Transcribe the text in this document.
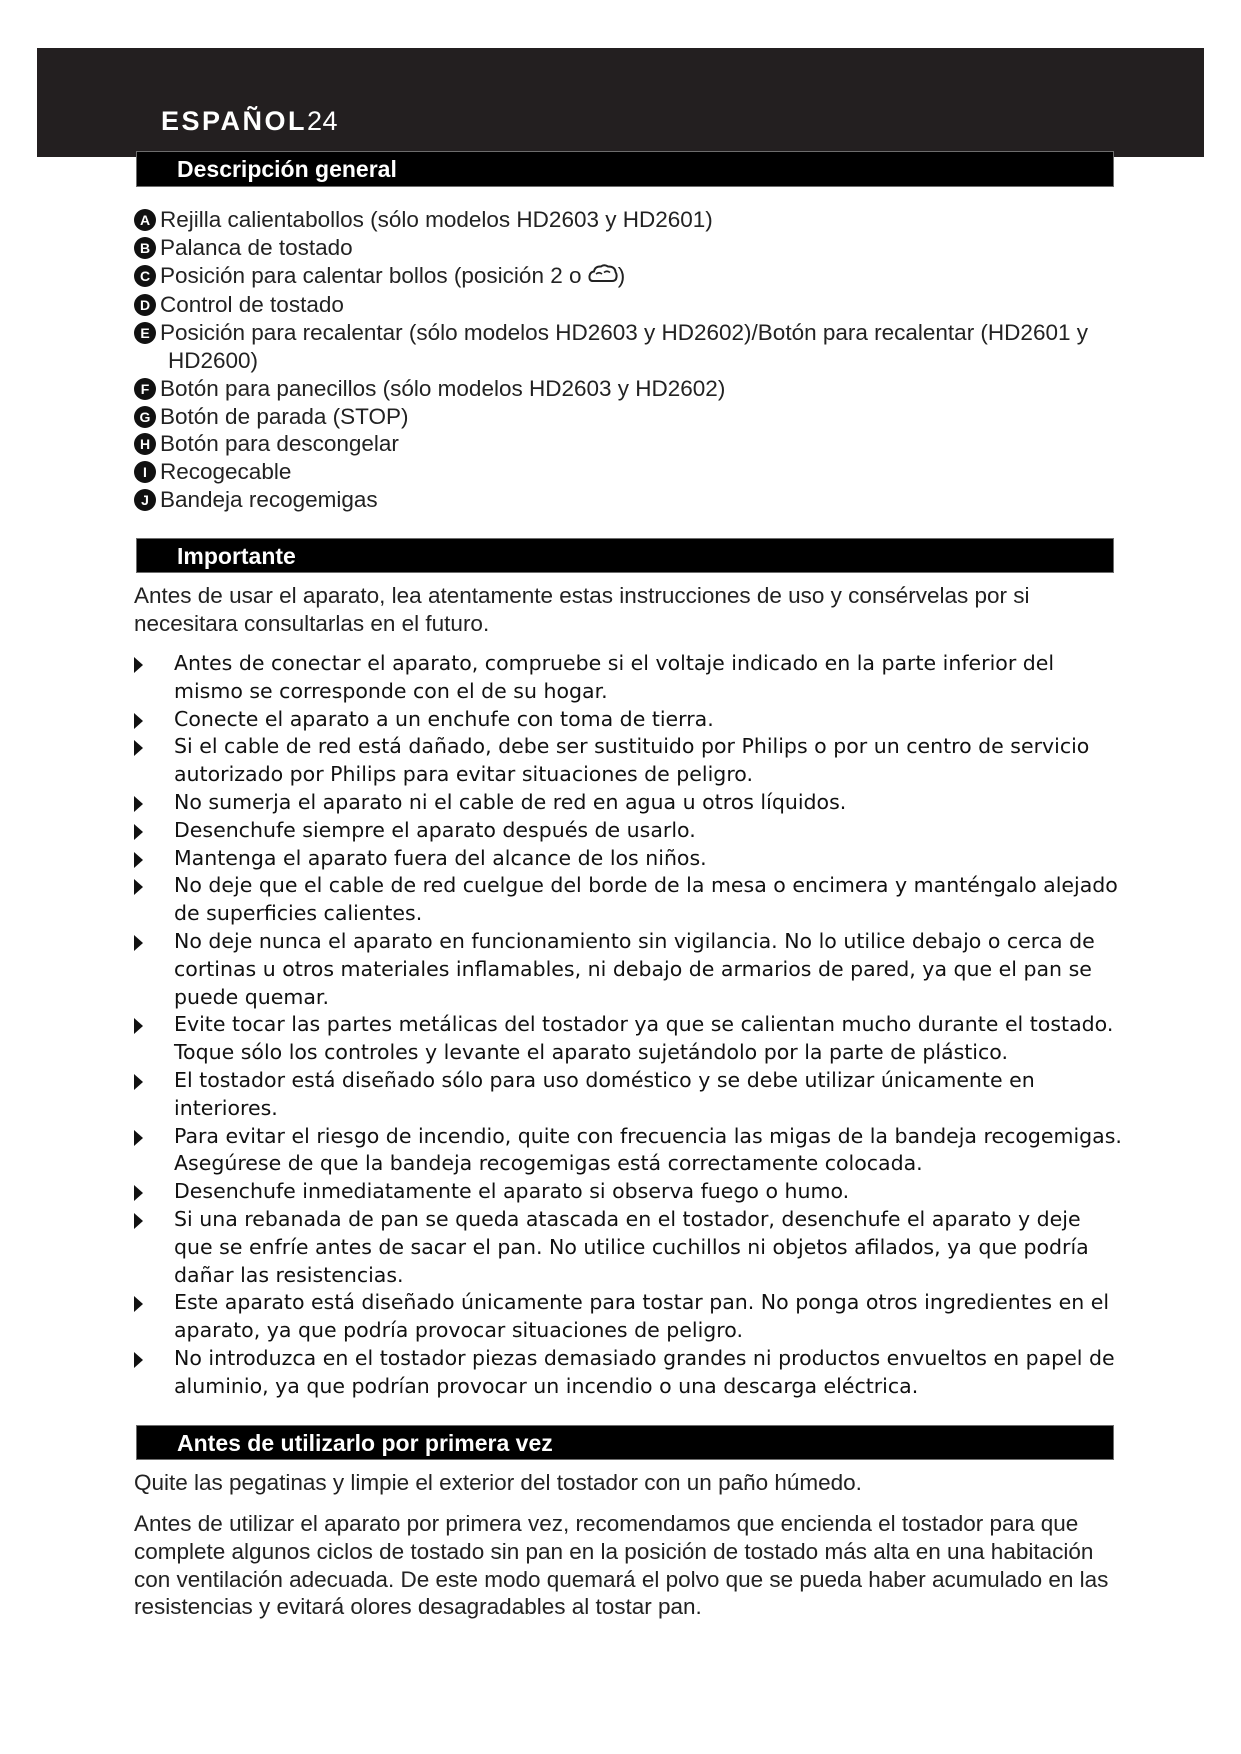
ESPAÑOL24
Descripción general
A Rejilla calientabollos (sólo modelos HD2603 y HD2601)
B Palanca de tostado
C Posición para calentar bollos (posición 2 o )
D Control de tostado
E Posición para recalentar (sólo modelos HD2603 y HD2602)/Botón para recalentar (HD2601 y
HD2600)
F Botón para panecillos (sólo modelos HD2603 y HD2602)
G Botón de parada (STOP)
H Botón para descongelar
I Recogecable
J Bandeja recogemigas
Importante

Antes de usar el aparato, lea atentamente estas instrucciones de uso y consérvelas por si necesitara consultarlas en el futuro.

Antes de conectar el aparato, compruebe si el voltaje indicado en la parte inferior del mismo se corresponde con el de su hogar.
Conecte el aparato a un enchufe con toma de tierra.
Si el cable de red está dañado, debe ser sustituido por Philips o por un centro de servicio autorizado por Philips para evitar situaciones de peligro.
No sumerja el aparato ni el cable de red en agua u otros líquidos.
Desenchufe siempre el aparato después de usarlo.
Mantenga el aparato fuera del alcance de los niños.
No deje que el cable de red cuelgue del borde de la mesa o encimera y manténgalo alejado de superficies calientes.
No deje nunca el aparato en funcionamiento sin vigilancia. No lo utilice debajo o cerca de cortinas u otros materiales inflamables, ni debajo de armarios de pared, ya que el pan se puede quemar.
Evite tocar las partes metálicas del tostador ya que se calientan mucho durante el tostado. Toque sólo los controles y levante el aparato sujetándolo por la parte de plástico.
El tostador está diseñado sólo para uso doméstico y se debe utilizar únicamente en interiores.
Para evitar el riesgo de incendio, quite con frecuencia las migas de la bandeja recogemigas. Asegúrese de que la bandeja recogemigas está correctamente colocada.
Desenchufe inmediatamente el aparato si observa fuego o humo.
Si una rebanada de pan se queda atascada en el tostador, desenchufe el aparato y deje que se enfríe antes de sacar el pan. No utilice cuchillos ni objetos afilados, ya que podría dañar las resistencias.
Este aparato está diseñado únicamente para tostar pan. No ponga otros ingredientes en el aparato, ya que podría provocar situaciones de peligro.
No introduzca en el tostador piezas demasiado grandes ni productos envueltos en papel de aluminio, ya que podrían provocar un incendio o una descarga eléctrica.
Antes de utilizarlo por primera vez

Quite las pegatinas y limpie el exterior del tostador con un paño húmedo.

Antes de utilizar el aparato por primera vez, recomendamos que encienda el tostador para que complete algunos ciclos de tostado sin pan en la posición de tostado más alta en una habitación con ventilación adecuada. De este modo quemará el polvo que se pueda haber acumulado en las resistencias y evitará olores desagradables al tostar pan.
